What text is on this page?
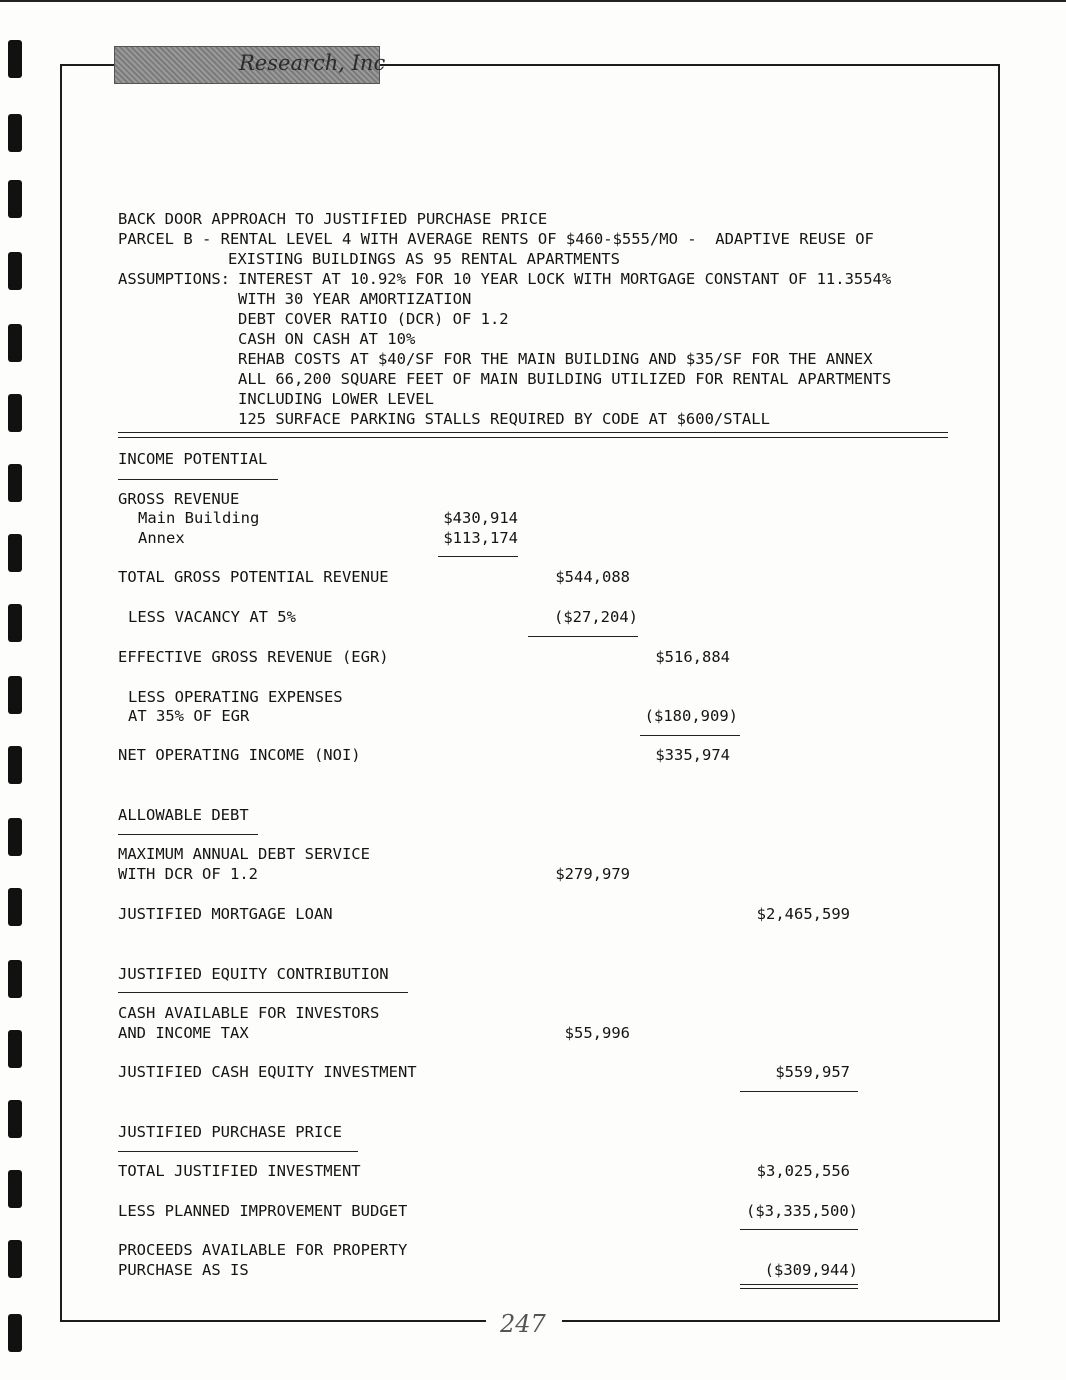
Research, Inc
BACK DOOR APPROACH TO JUSTIFIED PURCHASE PRICE
PARCEL B - RENTAL LEVEL 4 WITH AVERAGE RENTS OF $460-$555/MO -  ADAPTIVE REUSE OF
EXISTING BUILDINGS AS 95 RENTAL APARTMENTS
ASSUMPTIONS: INTEREST AT 10.92% FOR 10 YEAR LOCK WITH MORTGAGE CONSTANT OF 11.3554%
WITH 30 YEAR AMORTIZATION
DEBT COVER RATIO (DCR) OF 1.2
CASH ON CASH AT 10%
REHAB COSTS AT $40/SF FOR THE MAIN BUILDING AND $35/SF FOR THE ANNEX
ALL 66,200 SQUARE FEET OF MAIN BUILDING UTILIZED FOR RENTAL APARTMENTS
INCLUDING LOWER LEVEL
125 SURFACE PARKING STALLS REQUIRED BY CODE AT $600/STALL
INCOME POTENTIAL
GROSS REVENUE
Main Building	$430,914
Annex	$113,174
TOTAL GROSS POTENTIAL REVENUE	$544,088
LESS VACANCY AT 5%	($27,204)
EFFECTIVE GROSS REVENUE (EGR)	$516,884
LESS OPERATING EXPENSES
AT 35% OF EGR	($180,909)
NET OPERATING INCOME (NOI)	$335,974
ALLOWABLE DEBT
MAXIMUM ANNUAL DEBT SERVICE
WITH DCR OF 1.2	$279,979
JUSTIFIED MORTGAGE LOAN	$2,465,599
JUSTIFIED EQUITY CONTRIBUTION
CASH AVAILABLE FOR INVESTORS
AND INCOME TAX	$55,996
JUSTIFIED CASH EQUITY INVESTMENT	$559,957
JUSTIFIED PURCHASE PRICE
TOTAL JUSTIFIED INVESTMENT	$3,025,556
LESS PLANNED IMPROVEMENT BUDGET	($3,335,500)
PROCEEDS AVAILABLE FOR PROPERTY
PURCHASE AS IS	($309,944)
247
